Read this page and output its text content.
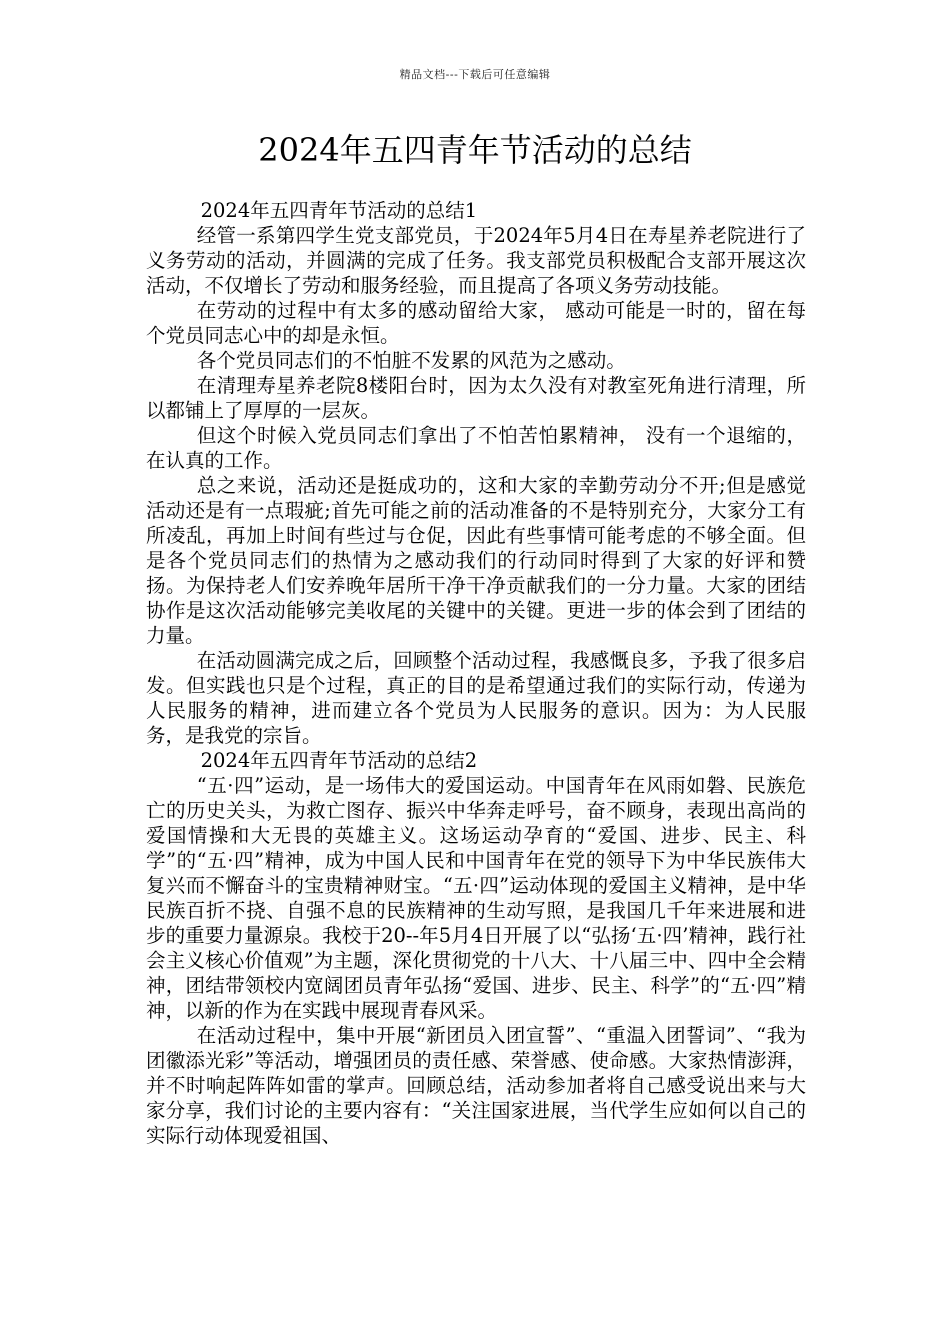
精品文档---下载后可任意编辑
2024年五四青年节活动的总结

2024年五四青年节活动的总结1

经管一系第四学生党支部党员，于2024年5月4日在寿星养老院进行了义务劳动的活动，并圆满的完成了任务。我支部党员积极配合支部开展这次活动，不仅增长了劳动和服务经验，而且提高了各项义务劳动技能。

在劳动的过程中有太多的感动留给大家， 感动可能是一时的，留在每个党员同志心中的却是永恒。

各个党员同志们的不怕脏不发累的风范为之感动。

在清理寿星养老院8楼阳台时，因为太久没有对教室死角进行清理，所以都铺上了厚厚的一层灰。

但这个时候入党员同志们拿出了不怕苦怕累精神， 没有一个退缩的，在认真的工作。

总之来说，活动还是挺成功的，这和大家的幸勤劳动分不开;但是感觉活动还是有一点瑕疵;首先可能之前的活动准备的不是特别充分，大家分工有所凌乱，再加上时间有些过与仓促，因此有些事情可能考虑的不够全面。但是各个党员同志们的热情为之感动我们的行动同时得到了大家的好评和赞扬。为保持老人们安养晚年居所干净干净贡献我们的一分力量。大家的团结协作是这次活动能够完美收尾的关键中的关键。更进一步的体会到了团结的力量。

在活动圆满完成之后，回顾整个活动过程，我感慨良多，予我了很多启发。但实践也只是个过程，真正的目的是希望通过我们的实际行动，传递为人民服务的精神，进而建立各个党员为人民服务的意识。因为：为人民服务，是我党的宗旨。

2024年五四青年节活动的总结2

“五·四”运动，是一场伟大的爱国运动。中国青年在风雨如磐、民族危亡的历史关头，为救亡图存、振兴中华奔走呼号，奋不顾身，表现出高尚的爱国情操和大无畏的英雄主义。这场运动孕育的“爱国、进步、民主、科学”的“五·四”精神，成为中国人民和中国青年在党的领导下为中华民族伟大复兴而不懈奋斗的宝贵精神财宝。“五·四”运动体现的爱国主义精神，是中华民族百折不挠、自强不息的民族精神的生动写照，是我国几千年来进展和进步的重要力量源泉。我校于20--年5月4日开展了以“弘扬‘五·四’精神，践行社会主义核心价值观”为主题，深化贯彻党的十八大、十八届三中、四中全会精神，团结带领校内宽阔团员青年弘扬“爱国、进步、民主、科学”的“五·四”精神，以新的作为在实践中展现青春风采。

在活动过程中，集中开展“新团员入团宣誓”、“重温入团誓词”、“我为团徽添光彩”等活动，增强团员的责任感、荣誉感、使命感。大家热情澎湃，并不时响起阵阵如雷的掌声。回顾总结，活动参加者将自己感受说出来与大家分享，我们讨论的主要内容有：“关注国家进展，当代学生应如何以自己的实际行动体现爱祖国、
